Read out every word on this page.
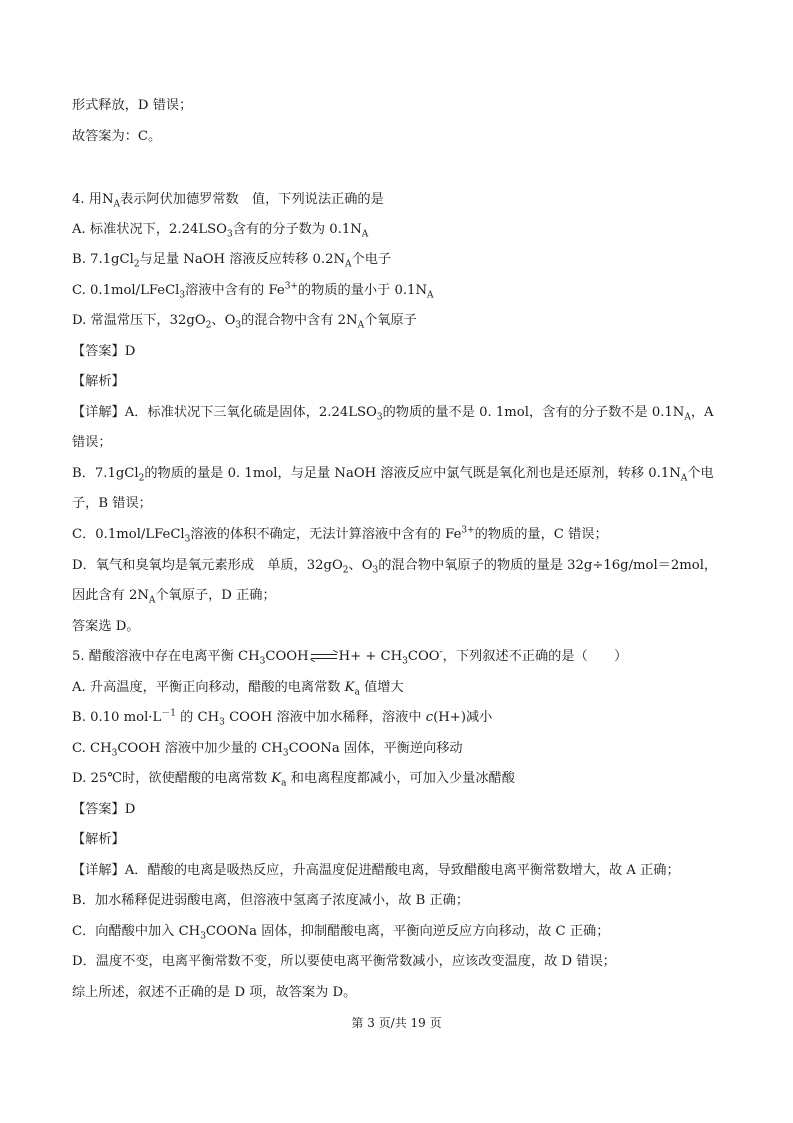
形式释放，D 错误；
故答案为：C。
4. 用$N_A$表示阿伏加德罗常数　值，下列说法正确的是
A. 标准状况下，$2.24LSO_3$含有的分子数为 $0.1N_A$
B. 7.1gCl$_2$与足量 NaOH 溶液反应转移 $0.2N_A$个电子
C. 0.1mol/LFeCl$_3$溶液中含有的 $Fe^{3+}$的物质的量小于 $0.1N_A$
D. 常温常压下，$32gO_2$、$O_3$的混合物中含有 $2N_A$个氧原子
【答案】D
【解析】
【详解】A．标准状况下三氧化硫是固体，$2.24LSO_3$的物质的量不是 0. 1mol，含有的分子数不是 $0.1N_A$，A
错误；
B．7.1gCl$_2$的物质的量是 0. 1mol，与足量 NaOH 溶液反应中氯气既是氧化剂也是还原剂，转移 $0.1N_A$个电
子，B 错误；
C．0.1mol/LFeCl$_3$溶液的体积不确定，无法计算溶液中含有的 $Fe^{3+}$的物质的量，C 错误；
D．氧气和臭氧均是氧元素形成　单质，$32gO_2$、$O_3$的混合物中氧原子的物质的量是 32g÷16g/mol＝2mol，
因此含有 $2N_A$个氧原子，D 正确；
答案选 D。
5. 醋酸溶液中存在电离平衡 $CH_3COOH$ $H+ + CH_3COO^-$，下列叙述不正确的是（　　）
A. 升高温度，平衡正向移动，醋酸的电离常数 $K_a$ 值增大
B. 0.10 $mol\cdot L^{-1}$ 的 $CH_3$ COOH 溶液中加水稀释，溶液中 c(H+)减小
C. $CH_3COOH$ 溶液中加少量的 $CH_3COONa$ 固体，平衡逆向移动
D. 25℃时，欲使醋酸的电离常数 $K_a$ 和电离程度都减小，可加入少量冰醋酸
【答案】D
【解析】
【详解】A．醋酸的电离是吸热反应，升高温度促进醋酸电离，导致醋酸电离平衡常数增大，故 A 正确；
B．加水稀释促进弱酸电离，但溶液中氢离子浓度减小，故 B 正确；
C．向醋酸中加入 $CH_3COONa$ 固体，抑制醋酸电离，平衡向逆反应方向移动，故 C 正确；
D．温度不变，电离平衡常数不变，所以要使电离平衡常数减小，应该改变温度，故 D 错误；
综上所述，叙述不正确的是 D 项，故答案为 D。
第 3 页/共 19 页
